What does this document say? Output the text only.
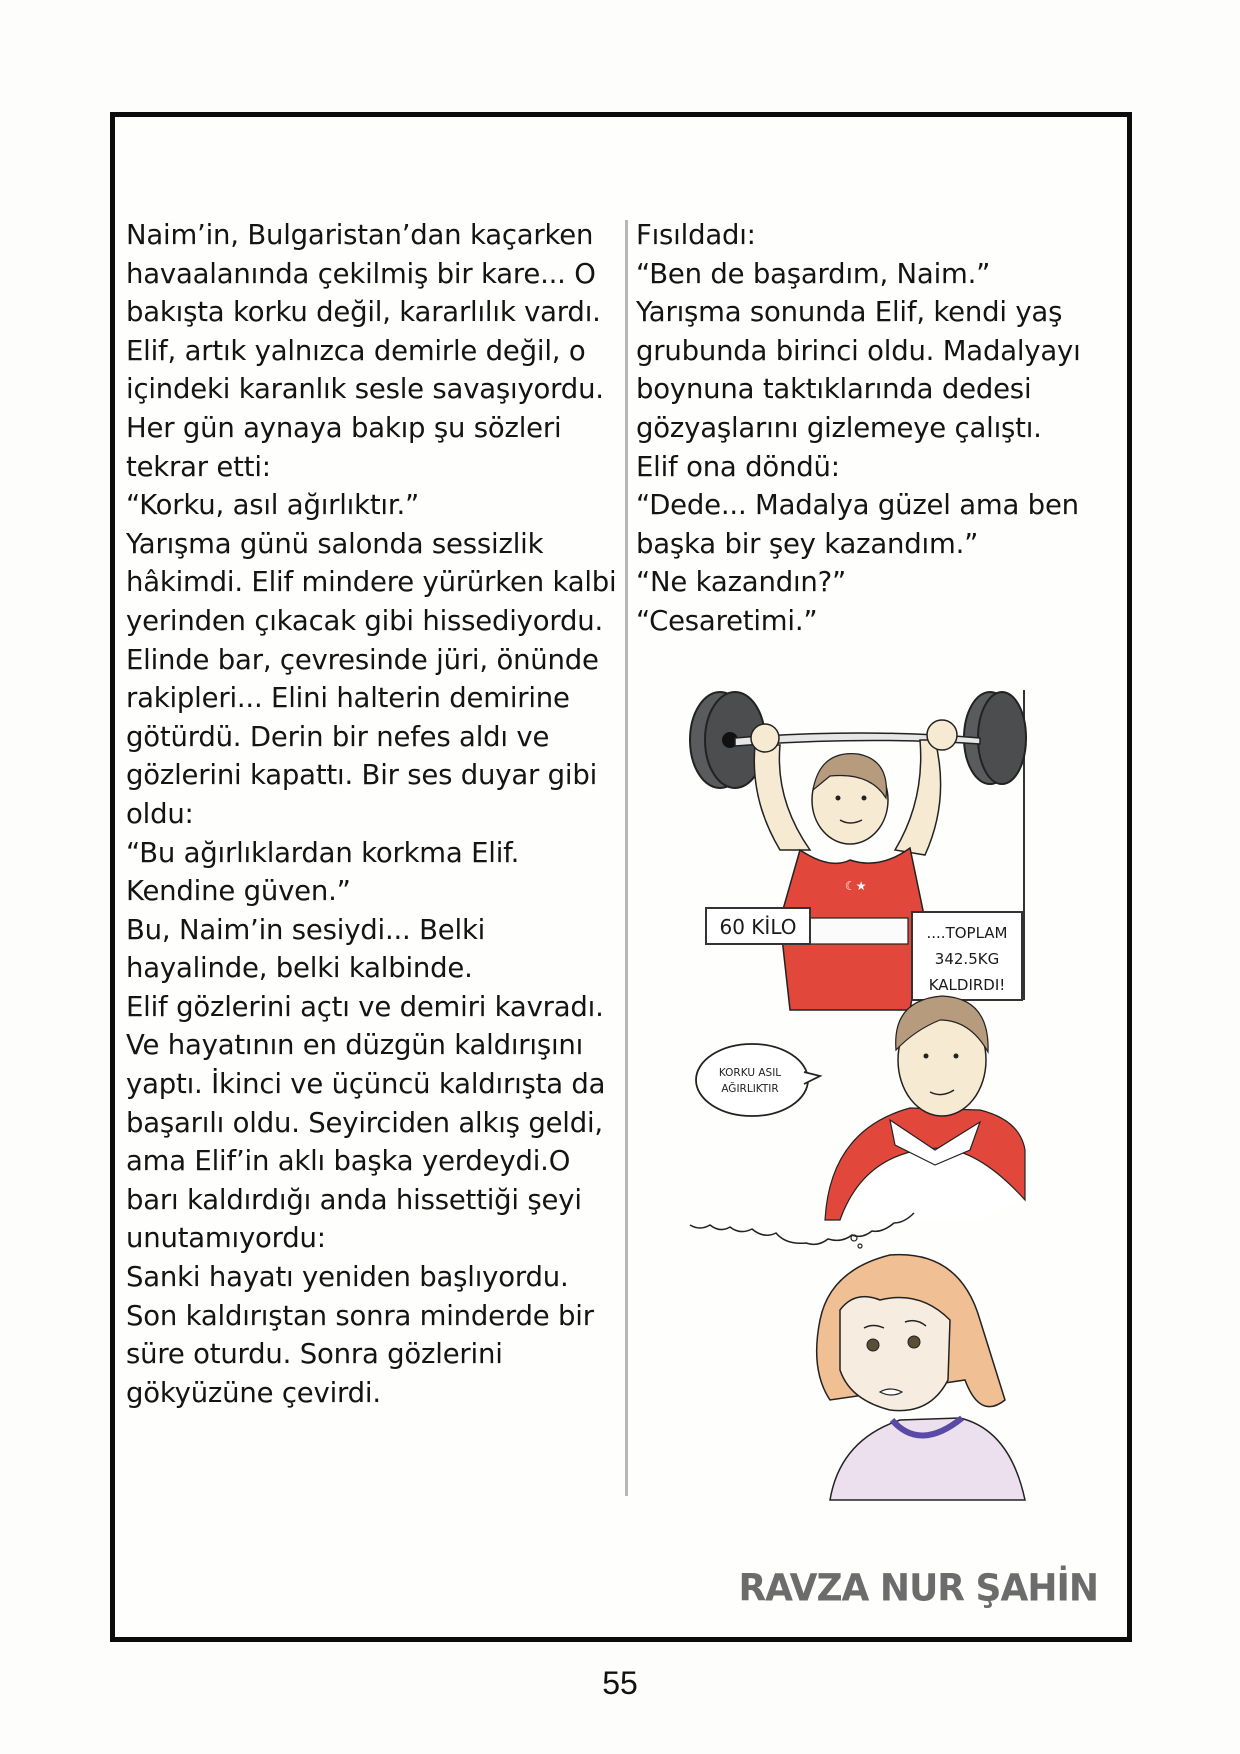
Naim’in, Bulgaristan’dan kaçarken
havaalanında çekilmiş bir kare... O
bakışta korku değil, kararlılık vardı.
Elif, artık yalnızca demirle değil, o
içindeki karanlık sesle savaşıyordu.
Her gün aynaya bakıp şu sözleri
tekrar etti:
“Korku, asıl ağırlıktır.”
Yarışma günü salonda sessizlik
hâkimdi. Elif mindere yürürken kalbi
yerinden çıkacak gibi hissediyordu.
Elinde bar, çevresinde jüri, önünde
rakipleri... Elini halterin demirine
götürdü. Derin bir nefes aldı ve
gözlerini kapattı. Bir ses duyar gibi
oldu:
“Bu ağırlıklardan korkma Elif.
Kendine güven.”
Bu, Naim’in sesiydi... Belki
hayalinde, belki kalbinde.
Elif gözlerini açtı ve demiri kavradı.
Ve hayatının en düzgün kaldırışını
yaptı. İkinci ve üçüncü kaldırışta da
başarılı oldu. Seyirciden alkış geldi,
ama Elif’in aklı başka yerdeydi.O
barı kaldırdığı anda hissettiği şeyi
unutamıyordu:
Sanki hayatı yeniden başlıyordu.
Son kaldırıştan sonra minderde bir
süre oturdu. Sonra gözlerini
gökyüzüne çevirdi.
Fısıldadı:
“Ben de başardım, Naim.”
Yarışma sonunda Elif, kendi yaş
grubunda birinci oldu. Madalyayı
boynuna taktıklarında dedesi
gözyaşlarını gizlemeye çalıştı.
Elif ona döndü:
“Dede... Madalya güzel ama ben
başka bir şey kazandım.”
“Ne kazandın?”
“Cesaretimi.”
☾★
60 KİLO	....TOPLAM
342.5KG
KALDIRDI!
KORKU ASIL
AĞIRLIKTIR
RAVZA NUR ŞAHİN
55
